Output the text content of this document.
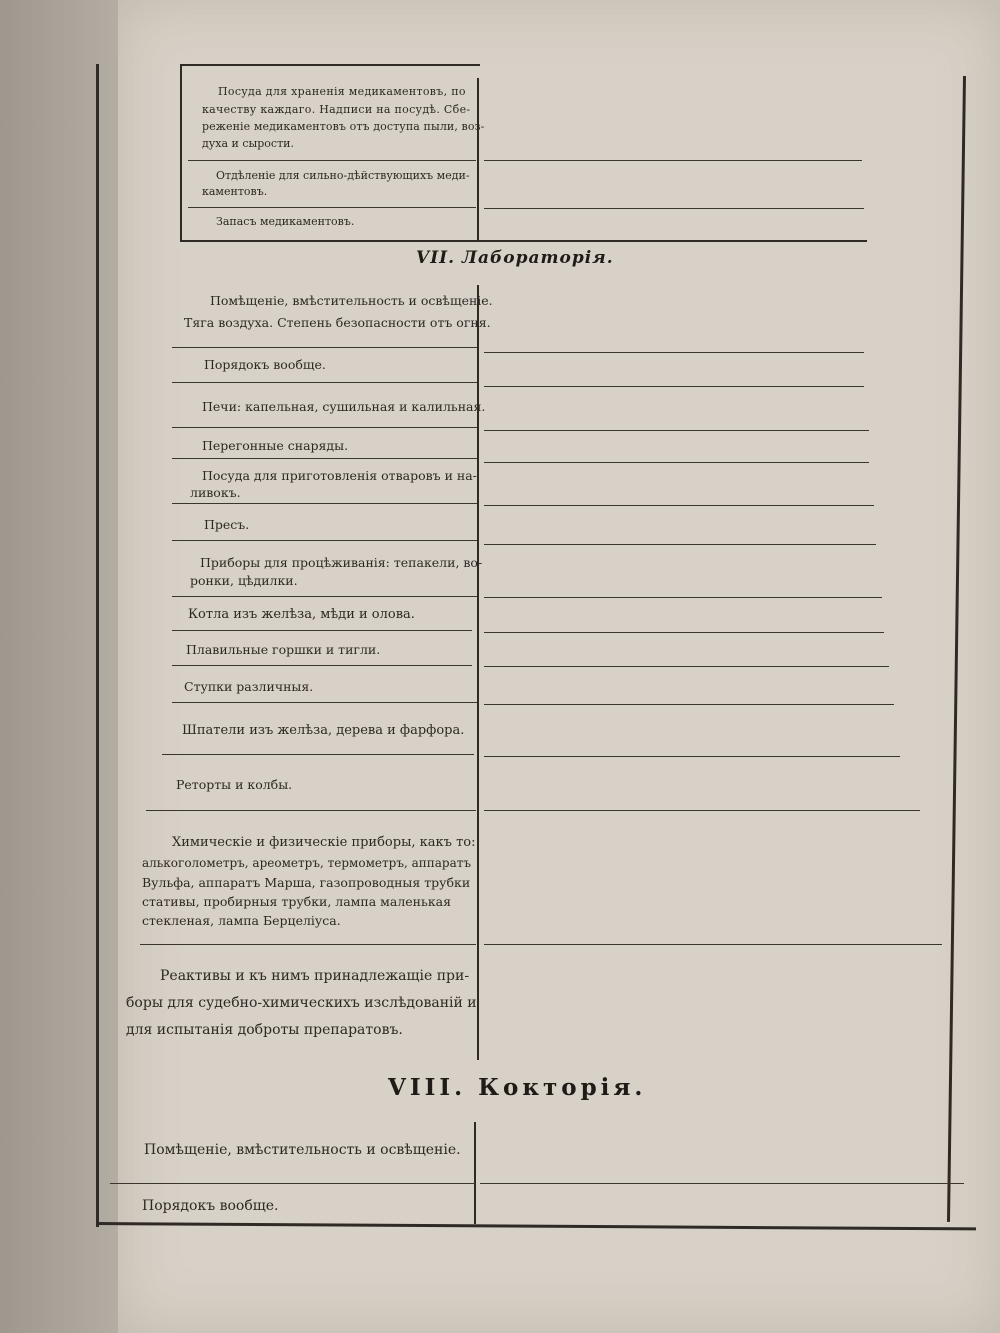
Посуда для храненія медикаментовъ, по
качеству каждаго. Надписи на посудѣ. Сбе-
реженіе медикаментовъ отъ доступа пыли, воз-
духа и сырости.
Отдѣленіе для сильно-дѣйствующихъ меди-
каментовъ.
Запасъ медикаментовъ.
VII. Лабораторія.
Помѣщеніе, вмѣстительность и освѣщеніе.
Тяга воздуха. Степень безопасности отъ огня.
Порядокъ вообще.
Печи: капельная, сушильная и калильная.
Перегонные снаряды.
Посуда для приготовленія отваровъ и на-
ливокъ.
Пресъ.
Приборы для процѣживанія: тепакели, во-
ронки, цѣдилки.
Котла изъ желѣза, мѣди и олова.
Плавильные горшки и тигли.
Ступки различныя.
Шпатели изъ желѣза, дерева и фарфора.
Реторты и колбы.
Химическіе и физическіе приборы, какъ то:
алькоголометръ, ареометръ, термометръ, аппаратъ
Вульфа, аппаратъ Марша, газопроводныя трубки
стативы, пробирныя трубки, лампа маленькая
стекленая, лампа Берцеліуса.
Реактивы и къ нимъ принадлежащіе при-
боры для судебно-химическихъ изслѣдованій и
для испытанія доброты препаратовъ.
VIII. Кокторія.
Помѣщеніе, вмѣстительность и освѣщеніе.
Порядокъ вообще.
